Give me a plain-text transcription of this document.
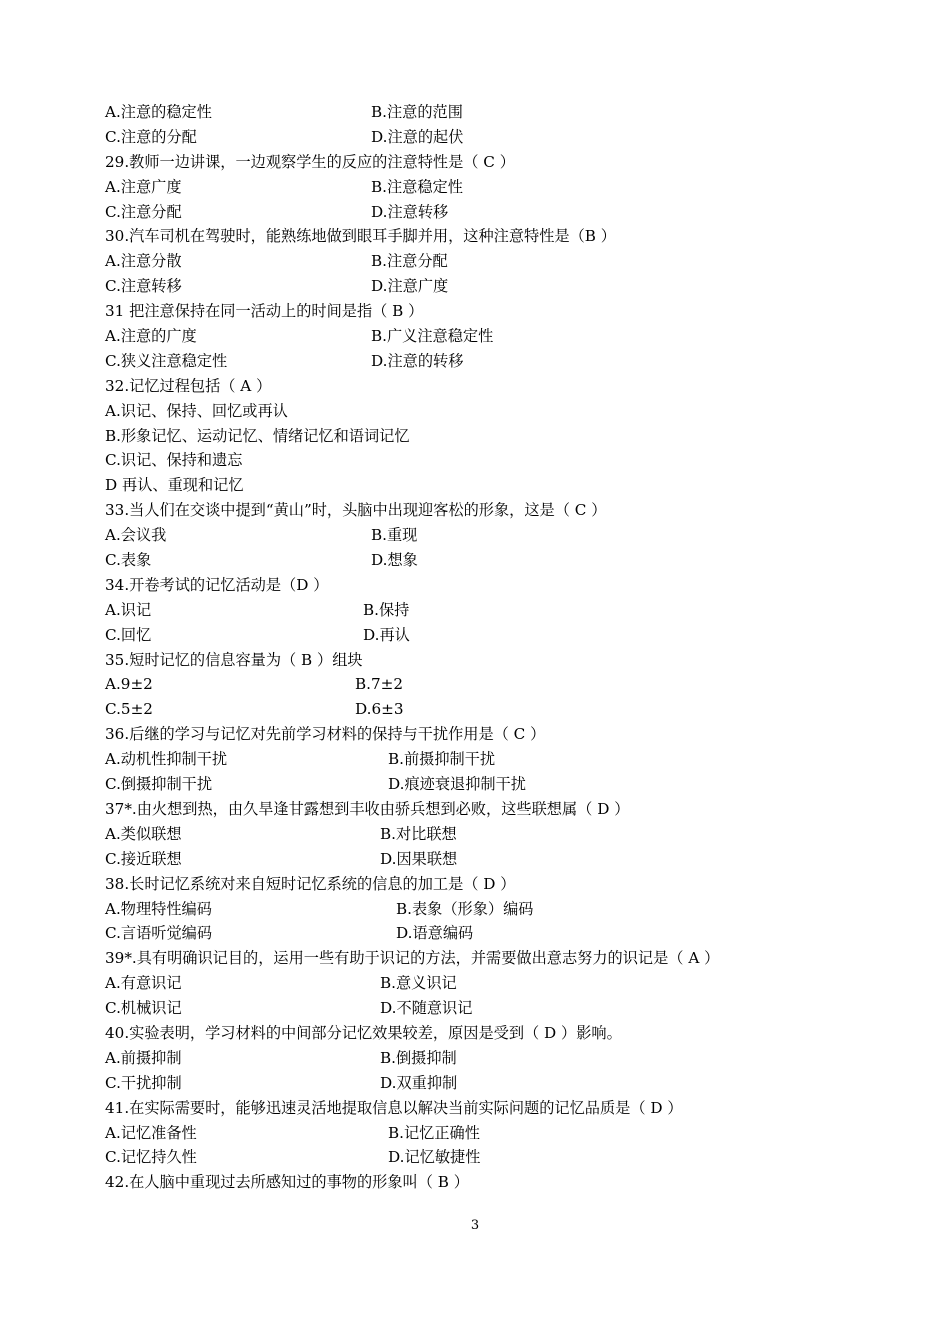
A.注意的稳定性	B.注意的范围
C.注意的分配	D.注意的起伏
29.教师一边讲课，一边观察学生的反应的注意特性是（ C ）
A.注意广度	B.注意稳定性
C.注意分配	D.注意转移
30.汽车司机在驾驶时，能熟练地做到眼耳手脚并用，这种注意特性是（B ）
A.注意分散	B.注意分配
C.注意转移	D.注意广度
31 把注意保持在同一活动上的时间是指（ B ）
A.注意的广度	B.广义注意稳定性
C.狭义注意稳定性	D.注意的转移
32.记忆过程包括（ A ）
A.识记、保持、回忆或再认
B.形象记忆、运动记忆、情绪记忆和语词记忆
C.识记、保持和遗忘
D 再认、重现和记忆
33.当人们在交谈中提到“黄山”时，头脑中出现迎客松的形象，这是（ C ）
A.会议我	B.重现
C.表象	D.想象
34.开卷考试的记忆活动是（D ）
A.识记	B.保持
C.回忆	D.再认
35.短时记忆的信息容量为（ B ）组块
A.9±2	B.7±2
C.5±2	D.6±3
36.后继的学习与记忆对先前学习材料的保持与干扰作用是（ C ）
A.动机性抑制干扰	B.前摄抑制干扰
C.倒摄抑制干扰	D.痕迹衰退抑制干扰
37*.由火想到热，由久旱逢甘露想到丰收由骄兵想到必败，这些联想属（ D ）
A.类似联想	B.对比联想
C.接近联想	D.因果联想
38.长时记忆系统对来自短时记忆系统的信息的加工是（ D ）
A.物理特性编码	B.表象（形象）编码
C.言语听觉编码	D.语意编码
39*.具有明确识记目的，运用一些有助于识记的方法，并需要做出意志努力的识记是（ A ）
A.有意识记	B.意义识记
C.机械识记	D.不随意识记
40.实验表明，学习材料的中间部分记忆效果较差，原因是受到（ D ）影响。
A.前摄抑制	B.倒摄抑制
C.干扰抑制	D.双重抑制
41.在实际需要时，能够迅速灵活地提取信息以解决当前实际问题的记忆品质是（ D ）
A.记忆准备性	B.记忆正确性
C.记忆持久性	D.记忆敏捷性
42.在人脑中重现过去所感知过的事物的形象叫（ B ）
3
